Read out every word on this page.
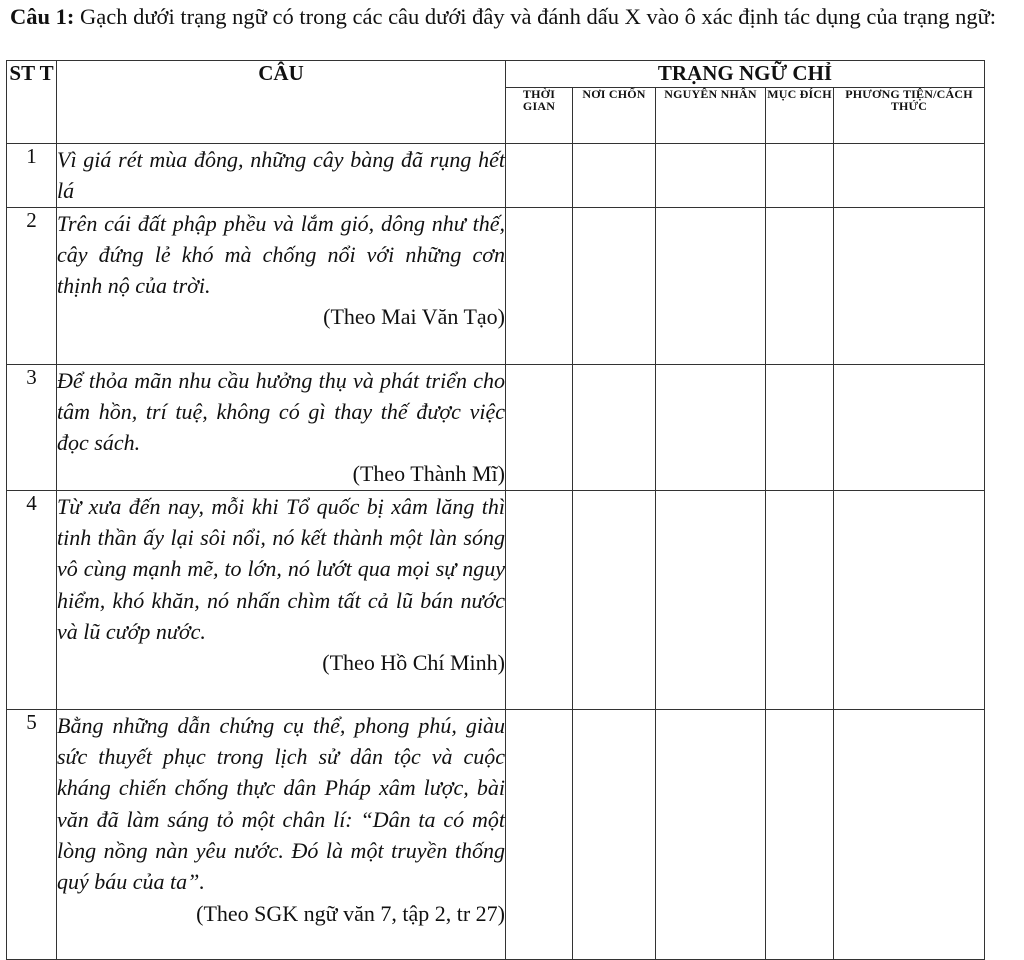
Câu 1: Gạch dưới trạng ngữ có trong các câu dưới đây và đánh dấu X vào ô xác định tác dụng của trạng ngữ:
ST T	CÂU	TRẠNG NGỮ CHỈ				
		THỜI GIAN	NƠI CHỐN	NGUYÊN NHÂN	MỤC ĐÍCH	PHƯƠNG TIỆN/CÁCH THỨC
1	Vì giá rét mùa đông, những cây bàng đã rụng hết lá					

2	Trên cái đất phập phều và lắm gió, dông như thế, cây đứng lẻ khó mà chống nổi với những cơn thịnh nộ của trời.
(Theo Mai Văn Tạo)					

3	Để thỏa mãn nhu cầu hưởng thụ và phát triển cho tâm hồn, trí tuệ, không có gì thay thế được việc đọc sách.
(Theo Thành Mĩ)					

4	Từ xưa đến nay, mỗi khi Tổ quốc bị xâm lăng thì tinh thần ấy lại sôi nổi, nó kết thành một làn sóng vô cùng mạnh mẽ, to lớn, nó lướt qua mọi sự nguy hiểm, khó khăn, nó nhấn chìm tất cả lũ bán nước và lũ cướp nước.
(Theo Hồ Chí Minh)					

5	Bằng những dẫn chứng cụ thể, phong phú, giàu sức thuyết phục trong lịch sử dân tộc và cuộc kháng chiến chống thực dân Pháp xâm lược, bài văn đã làm sáng tỏ một chân lí: “Dân ta có một lòng nồng nàn yêu nước. Đó là một truyền thống quý báu của ta”.
(Theo SGK ngữ văn 7, tập 2, tr 27)					
